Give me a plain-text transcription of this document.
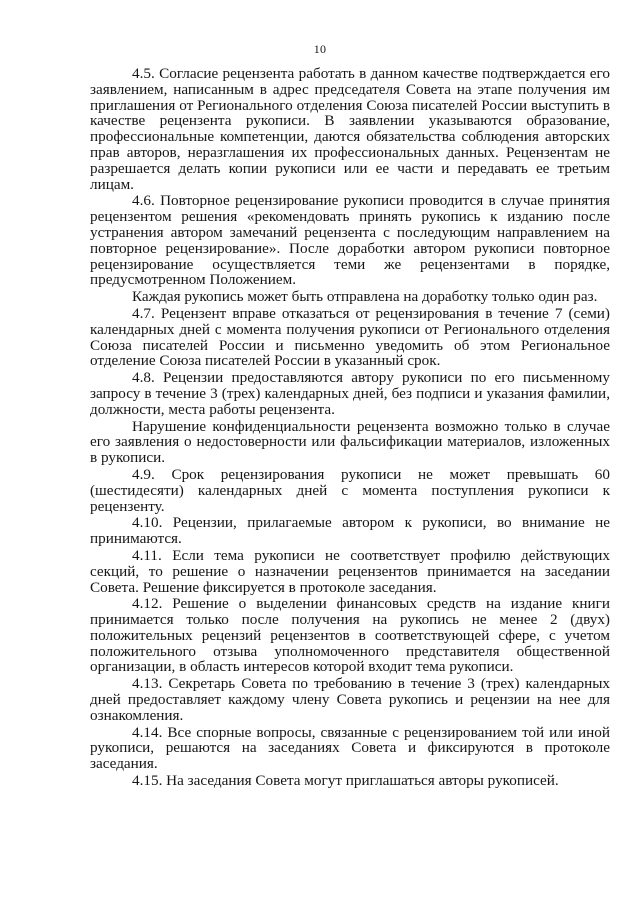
10

4.5. Согласие рецензента работать в данном качестве подтверждается его заявлением, написанным в адрес председателя Совета на этапе получения им приглашения от Регионального отделения Союза писателей России выступить в качестве рецензента рукописи. В заявлении указываются образование, профессиональные компетенции, даются обязательства соблюдения авторских прав авторов, неразглашения их профессиональных данных. Рецензентам не разрешается делать копии рукописи или ее части и передавать ее третьим лицам.

4.6. Повторное рецензирование рукописи проводится в случае принятия рецензентом решения «рекомендовать принять рукопись к изданию после устранения автором замечаний рецензента с последующим направлением на повторное рецензирование». После доработки автором рукописи повторное рецензирование осуществляется теми же рецензентами в порядке, предусмотренном Положением.

Каждая рукопись может быть отправлена на доработку только один раз.

4.7. Рецензент вправе отказаться от рецензирования в течение 7 (семи) календарных дней с момента получения рукописи от Регионального отделения Союза писателей России и письменно уведомить об этом Региональное отделение Союза писателей России в указанный срок.

4.8. Рецензии предоставляются автору рукописи по его письменному запросу в течение 3 (трех) календарных дней, без подписи и указания фамилии, должности, места работы рецензента.

Нарушение конфиденциальности рецензента возможно только в случае его заявления о недостоверности или фальсификации материалов, изложенных в рукописи.

4.9. Срок рецензирования рукописи не может превышать 60 (шестидесяти) календарных дней с момента поступления рукописи к рецензенту.

4.10. Рецензии, прилагаемые автором к рукописи, во внимание не принимаются.

4.11. Если тема рукописи не соответствует профилю действующих секций, то решение о назначении рецензентов принимается на заседании Совета. Решение фиксируется в протоколе заседания.

4.12. Решение о выделении финансовых средств на издание книги принимается только после получения на рукопись не менее 2 (двух) положительных рецензий рецензентов в соответствующей сфере, с учетом положительного отзыва уполномоченного представителя общественной организации, в область интересов которой входит тема рукописи.

4.13. Секретарь Совета по требованию в течение 3 (трех) календарных дней предоставляет каждому члену Совета рукопись и рецензии на нее для ознакомления.

4.14. Все спорные вопросы, связанные с рецензированием той или иной рукописи, решаются на заседаниях Совета и фиксируются в протоколе заседания.

4.15. На заседания Совета могут приглашаться авторы рукописей.
